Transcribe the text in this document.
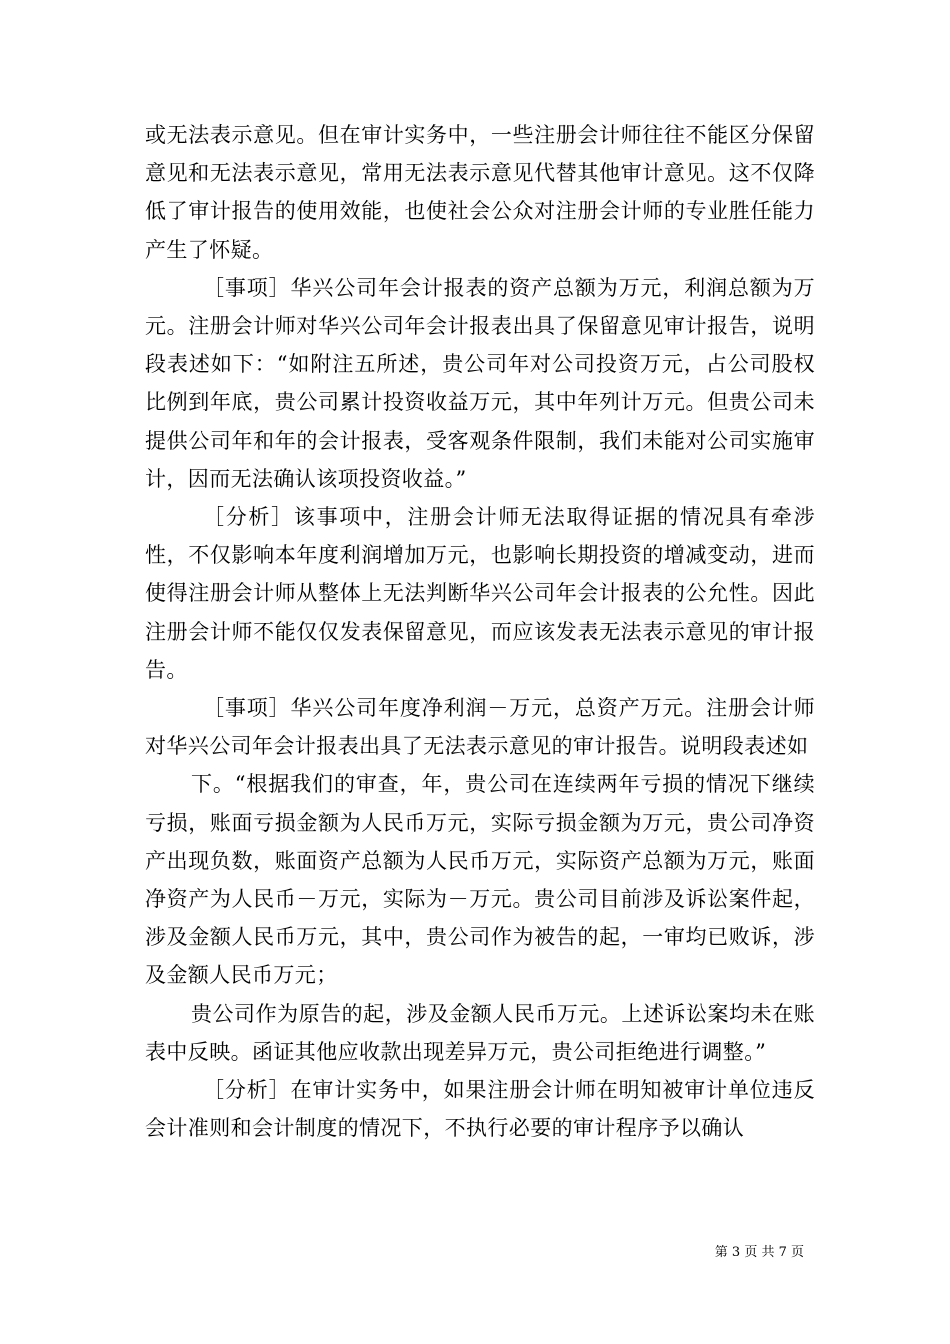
或无法表示意见。但在审计实务中，一些注册会计师往往不能区分保留意见和无法表示意见，常用无法表示意见代替其他审计意见。这不仅降低了审计报告的使用效能，也使社会公众对注册会计师的专业胜任能力产生了怀疑。

［事项］华兴公司年会计报表的资产总额为万元，利润总额为万元。注册会计师对华兴公司年会计报表出具了保留意见审计报告，说明段表述如下：“如附注五所述，贵公司年对公司投资万元，占公司股权比例到年底，贵公司累计投资收益万元，其中年列计万元。但贵公司未提供公司年和年的会计报表，受客观条件限制，我们未能对公司实施审计，因而无法确认该项投资收益。”

［分析］该事项中，注册会计师无法取得证据的情况具有牵涉性，不仅影响本年度利润增加万元，也影响长期投资的增减变动，进而使得注册会计师从整体上无法判断华兴公司年会计报表的公允性。因此注册会计师不能仅仅发表保留意见，而应该发表无法表示意见的审计报告。

［事项］华兴公司年度净利润－万元，总资产万元。注册会计师对华兴公司年会计报表出具了无法表示意见的审计报告。说明段表述如

下。“根据我们的审查，年，贵公司在连续两年亏损的情况下继续亏损，账面亏损金额为人民币万元，实际亏损金额为万元，贵公司净资产出现负数，账面资产总额为人民币万元，实际资产总额为万元，账面净资产为人民币－万元，实际为－万元。贵公司目前涉及诉讼案件起，涉及金额人民币万元，其中，贵公司作为被告的起，一审均已败诉，涉及金额人民币万元；

贵公司作为原告的起，涉及金额人民币万元。上述诉讼案均未在账表中反映。函证其他应收款出现差异万元，贵公司拒绝进行调整。”

［分析］在审计实务中，如果注册会计师在明知被审计单位违反会计准则和会计制度的情况下，不执行必要的审计程序予以确认

第 3 页 共 7 页
